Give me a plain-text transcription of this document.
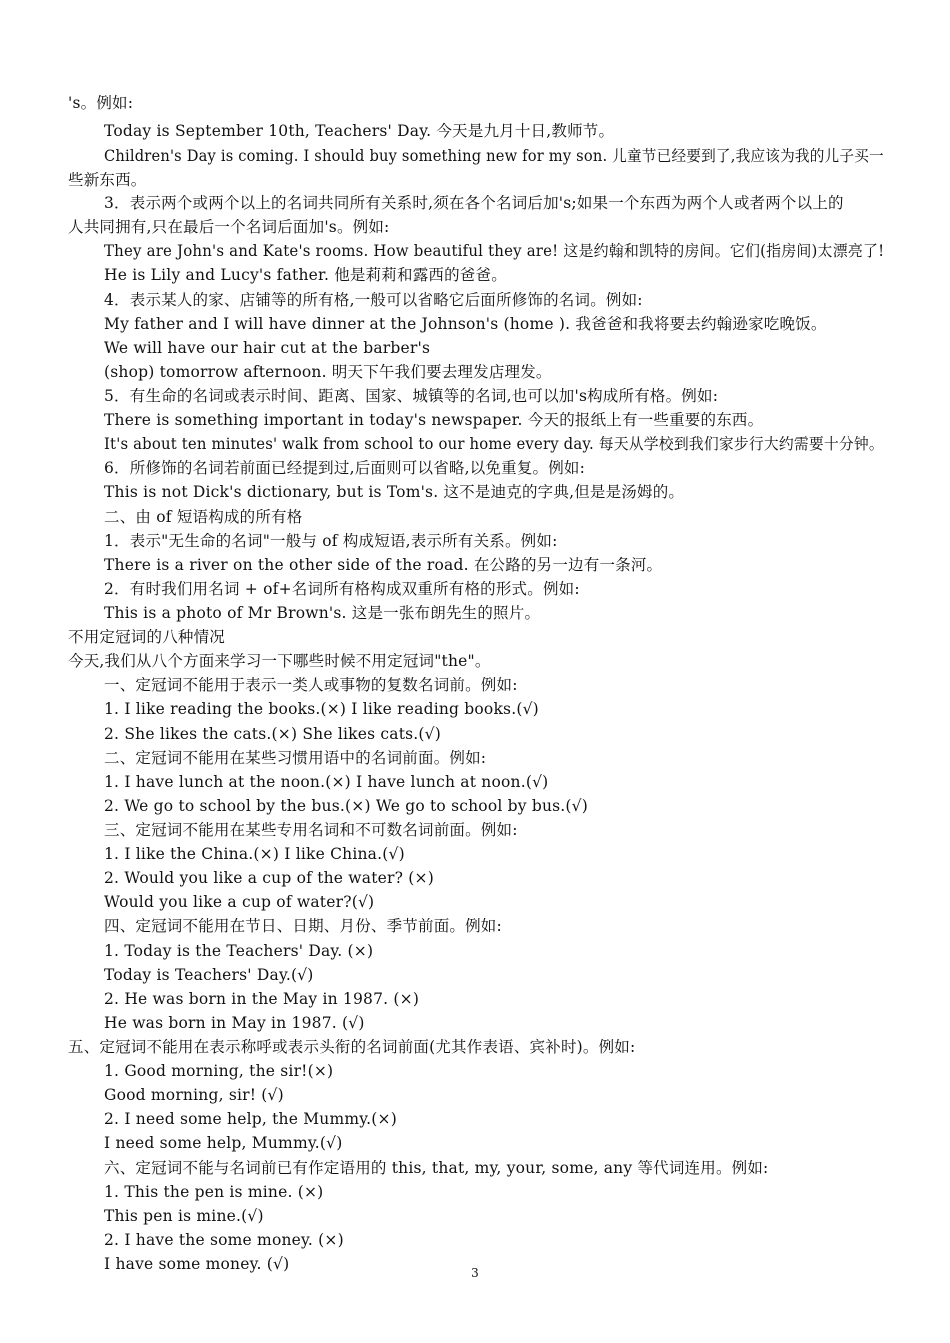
's。例如:
Today is September 10th, Teachers' Day. 今天是九月十日,教师节。
Children's Day is coming. I should buy something new for my son. 儿童节已经要到了,我应该为我的儿子买一
些新东西。
3．表示两个或两个以上的名词共同所有关系时,须在各个名词后加's;如果一个东西为两个人或者两个以上的
人共同拥有,只在最后一个名词后面加's。例如:
They are John's and Kate's rooms. How beautiful they are! 这是约翰和凯特的房间。它们(指房间)太漂亮了!
He is Lily and Lucy's father. 他是莉莉和露西的爸爸。
4．表示某人的家、店铺等的所有格,一般可以省略它后面所修饰的名词。例如:
My father and I will have dinner at the Johnson's (home ). 我爸爸和我将要去约翰逊家吃晚饭。
We will have our hair cut at the barber's
(shop) tomorrow afternoon. 明天下午我们要去理发店理发。
5．有生命的名词或表示时间、距离、国家、城镇等的名词,也可以加's构成所有格。例如:
There is something important in today's newspaper. 今天的报纸上有一些重要的东西。
It's about ten minutes' walk from school to our home every day. 每天从学校到我们家步行大约需要十分钟。
6．所修饰的名词若前面已经提到过,后面则可以省略,以免重复。例如:
This is not Dick's dictionary, but is Tom's. 这不是迪克的字典,但是是汤姆的。
二、由 of 短语构成的所有格
1．表示"无生命的名词"一般与 of 构成短语,表示所有关系。例如:
There is a river on the other side of the road. 在公路的另一边有一条河。
2．有时我们用名词 + of+名词所有格构成双重所有格的形式。例如:
This is a photo of Mr Brown's. 这是一张布朗先生的照片。
不用定冠词的八种情况
今天,我们从八个方面来学习一下哪些时候不用定冠词"the"。
一、定冠词不能用于表示一类人或事物的复数名词前。例如:
1. I like reading the books.(×) I like reading books.(√)
2. She likes the cats.(×) She likes cats.(√)
二、定冠词不能用在某些习惯用语中的名词前面。例如:
1. I have lunch at the noon.(×) I have lunch at noon.(√)
2. We go to school by the bus.(×) We go to school by bus.(√)
三、定冠词不能用在某些专用名词和不可数名词前面。例如:
1. I like the China.(×) I like China.(√)
2. Would you like a cup of the water? (×)
Would you like a cup of water?(√)
四、定冠词不能用在节日、日期、月份、季节前面。例如:
1. Today is the Teachers' Day. (×)
Today is Teachers' Day.(√)
2. He was born in the May in 1987. (×)
He was born in May in 1987. (√)
五、定冠词不能用在表示称呼或表示头衔的名词前面(尤其作表语、宾补时)。例如:
1. Good morning, the sir!(×)
Good morning, sir! (√)
2. I need some help, the Mummy.(×)
I need some help, Mummy.(√)
六、定冠词不能与名词前已有作定语用的 this, that, my, your, some, any 等代词连用。例如:
1. This the pen is mine. (×)
This pen is mine.(√)
2. I have the some money. (×)
I have some money. (√)	3
